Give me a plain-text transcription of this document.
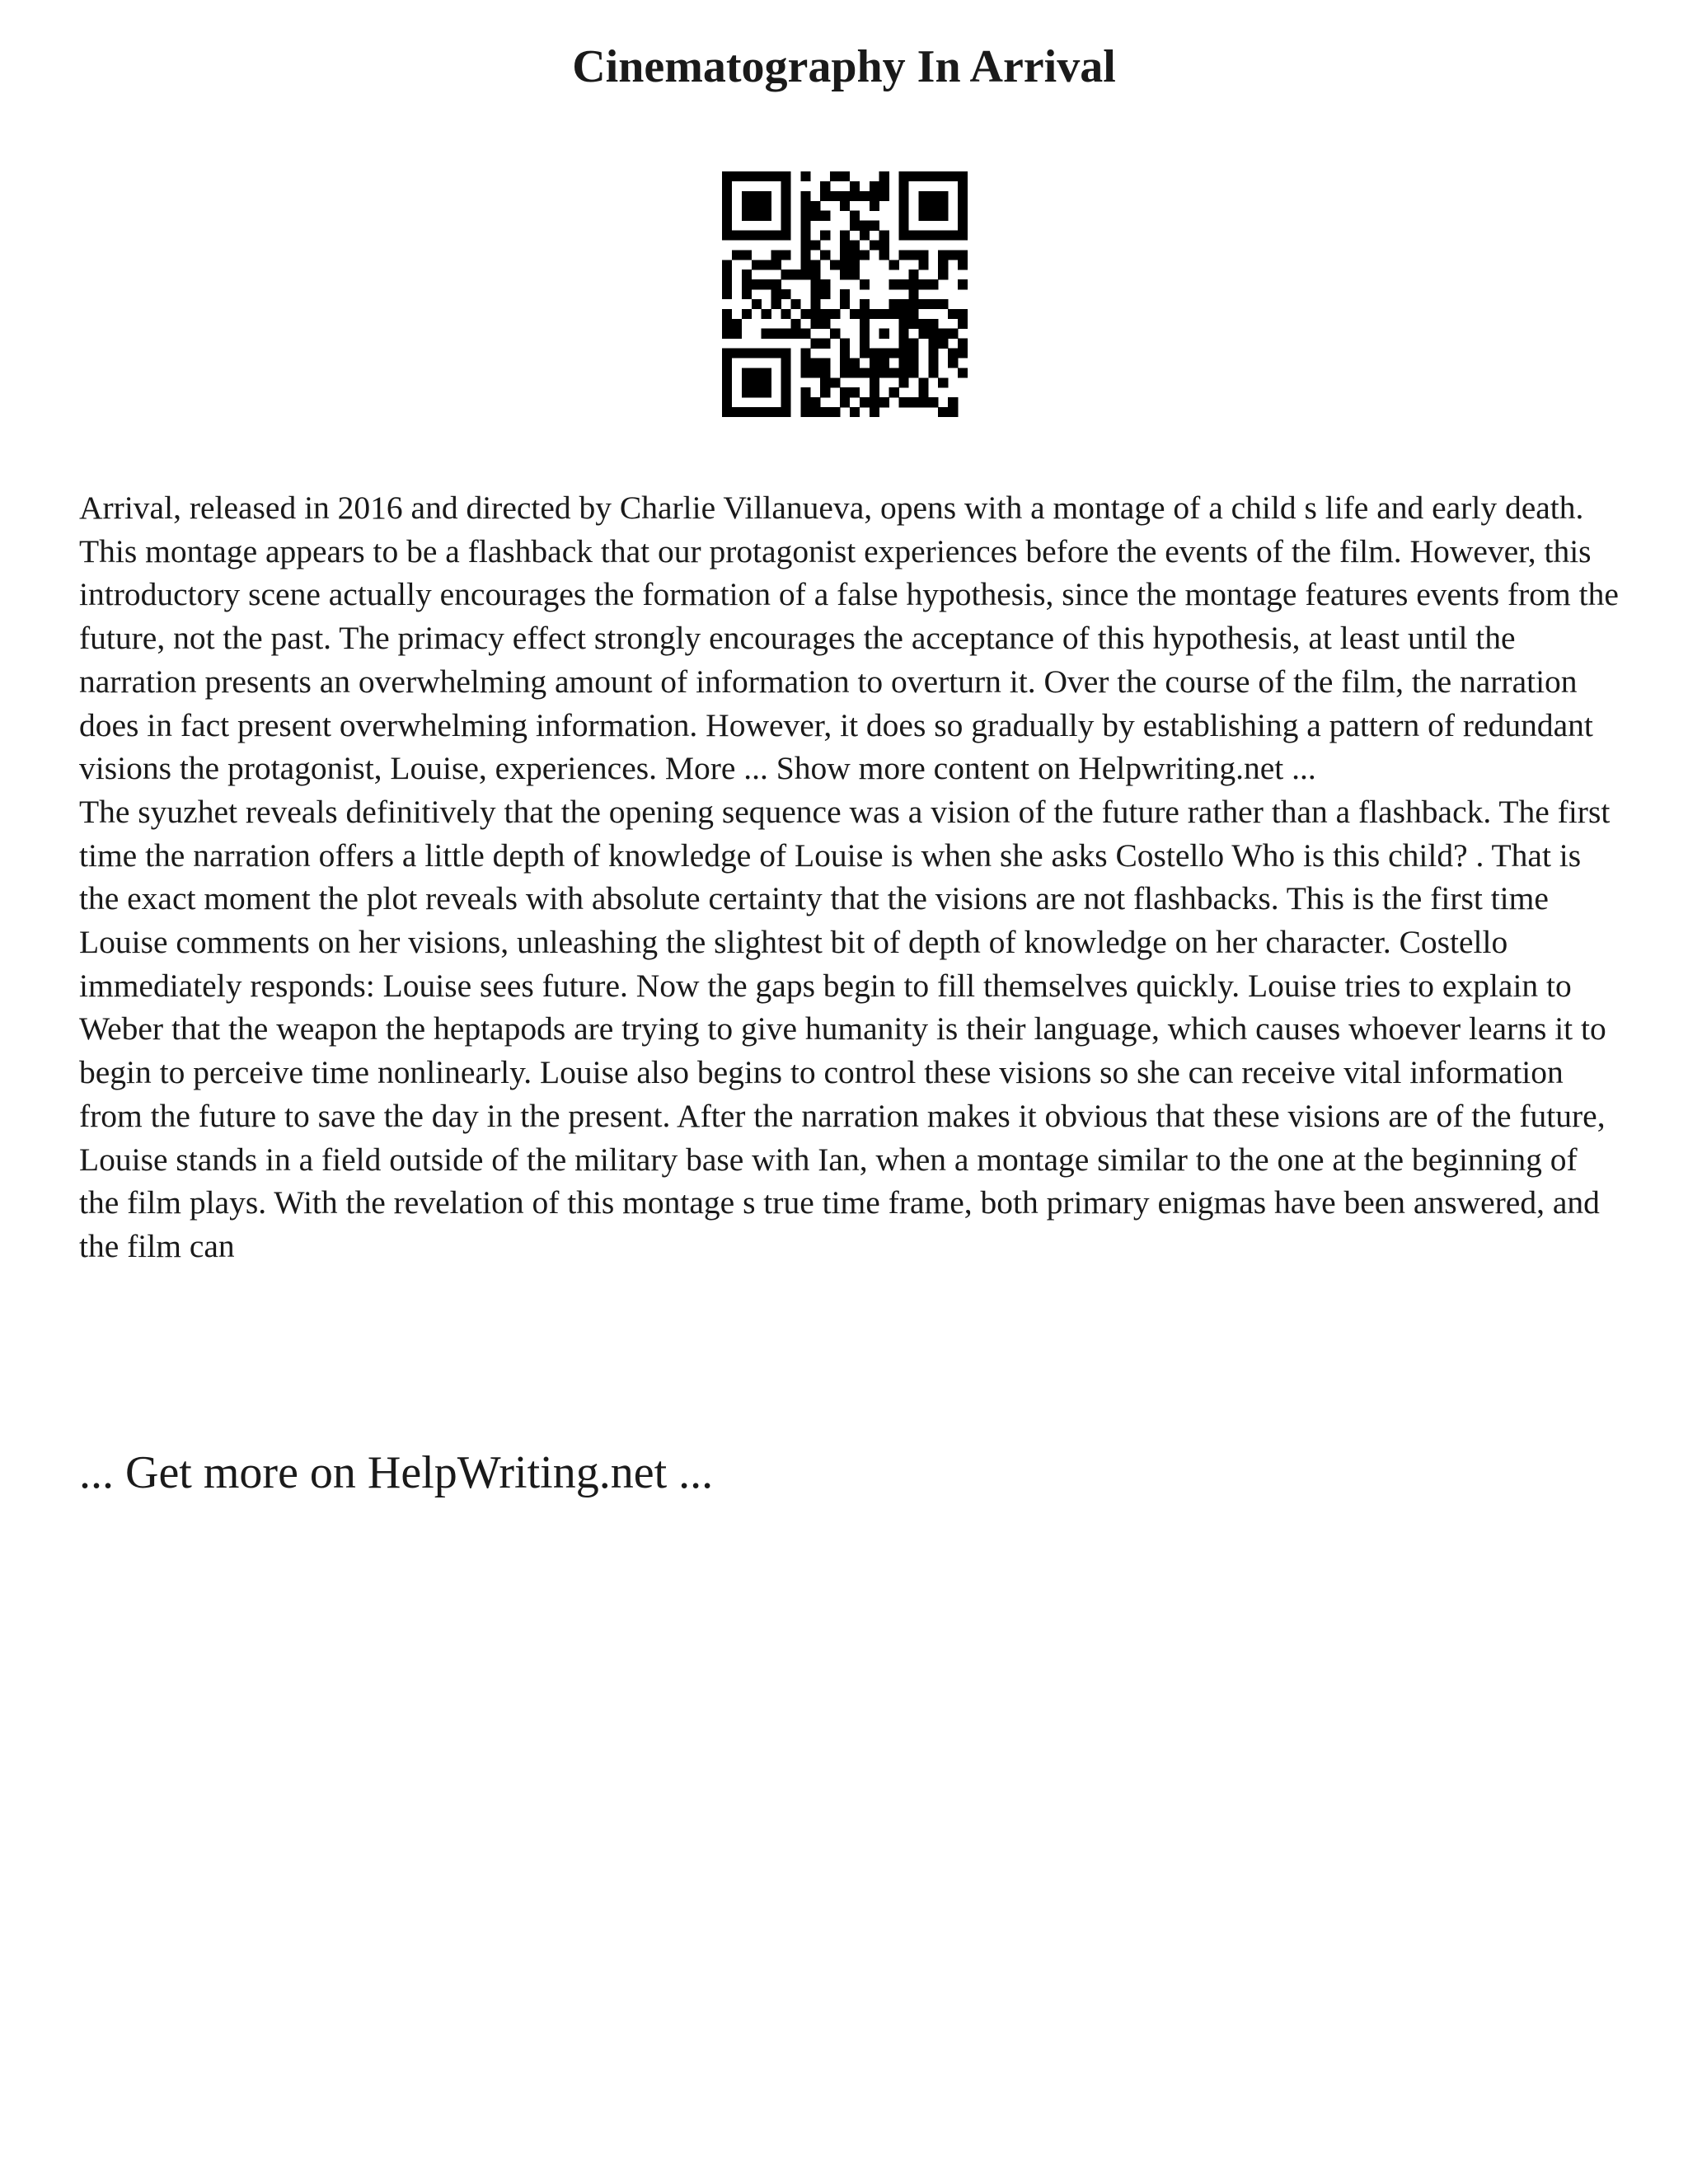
Cinematography In Arrival

Arrival, released in 2016 and directed by Charlie Villanueva, opens with a montage of a child s life and early death. This montage appears to be a flashback that our protagonist experiences before the events of the film. However, this introductory scene actually encourages the formation of a false hypothesis, since the montage features events from the future, not the past. The primacy effect strongly encourages the acceptance of this hypothesis, at least until the narration presents an overwhelming amount of information to overturn it. Over the course of the film, the narration does in fact present overwhelming information. However, it does so gradually by establishing a pattern of redundant visions the protagonist, Louise, experiences. More ... Show more content on Helpwriting.net ...

The syuzhet reveals definitively that the opening sequence was a vision of the future rather than a flashback. The first time the narration offers a little depth of knowledge of Louise is when she asks Costello Who is this child? . That is the exact moment the plot reveals with absolute certainty that the visions are not flashbacks. This is the first time Louise comments on her visions, unleashing the slightest bit of depth of knowledge on her character. Costello immediately responds: Louise sees future. Now the gaps begin to fill themselves quickly. Louise tries to explain to Weber that the weapon the heptapods are trying to give humanity is their language, which causes whoever learns it to begin to perceive time nonlinearly. Louise also begins to control these visions so she can receive vital information from the future to save the day in the present. After the narration makes it obvious that these visions are of the future, Louise stands in a field outside of the military base with Ian, when a montage similar to the one at the beginning of the film plays. With the revelation of this montage s true time frame, both primary enigmas have been answered, and the film can

... Get more on HelpWriting.net ...
